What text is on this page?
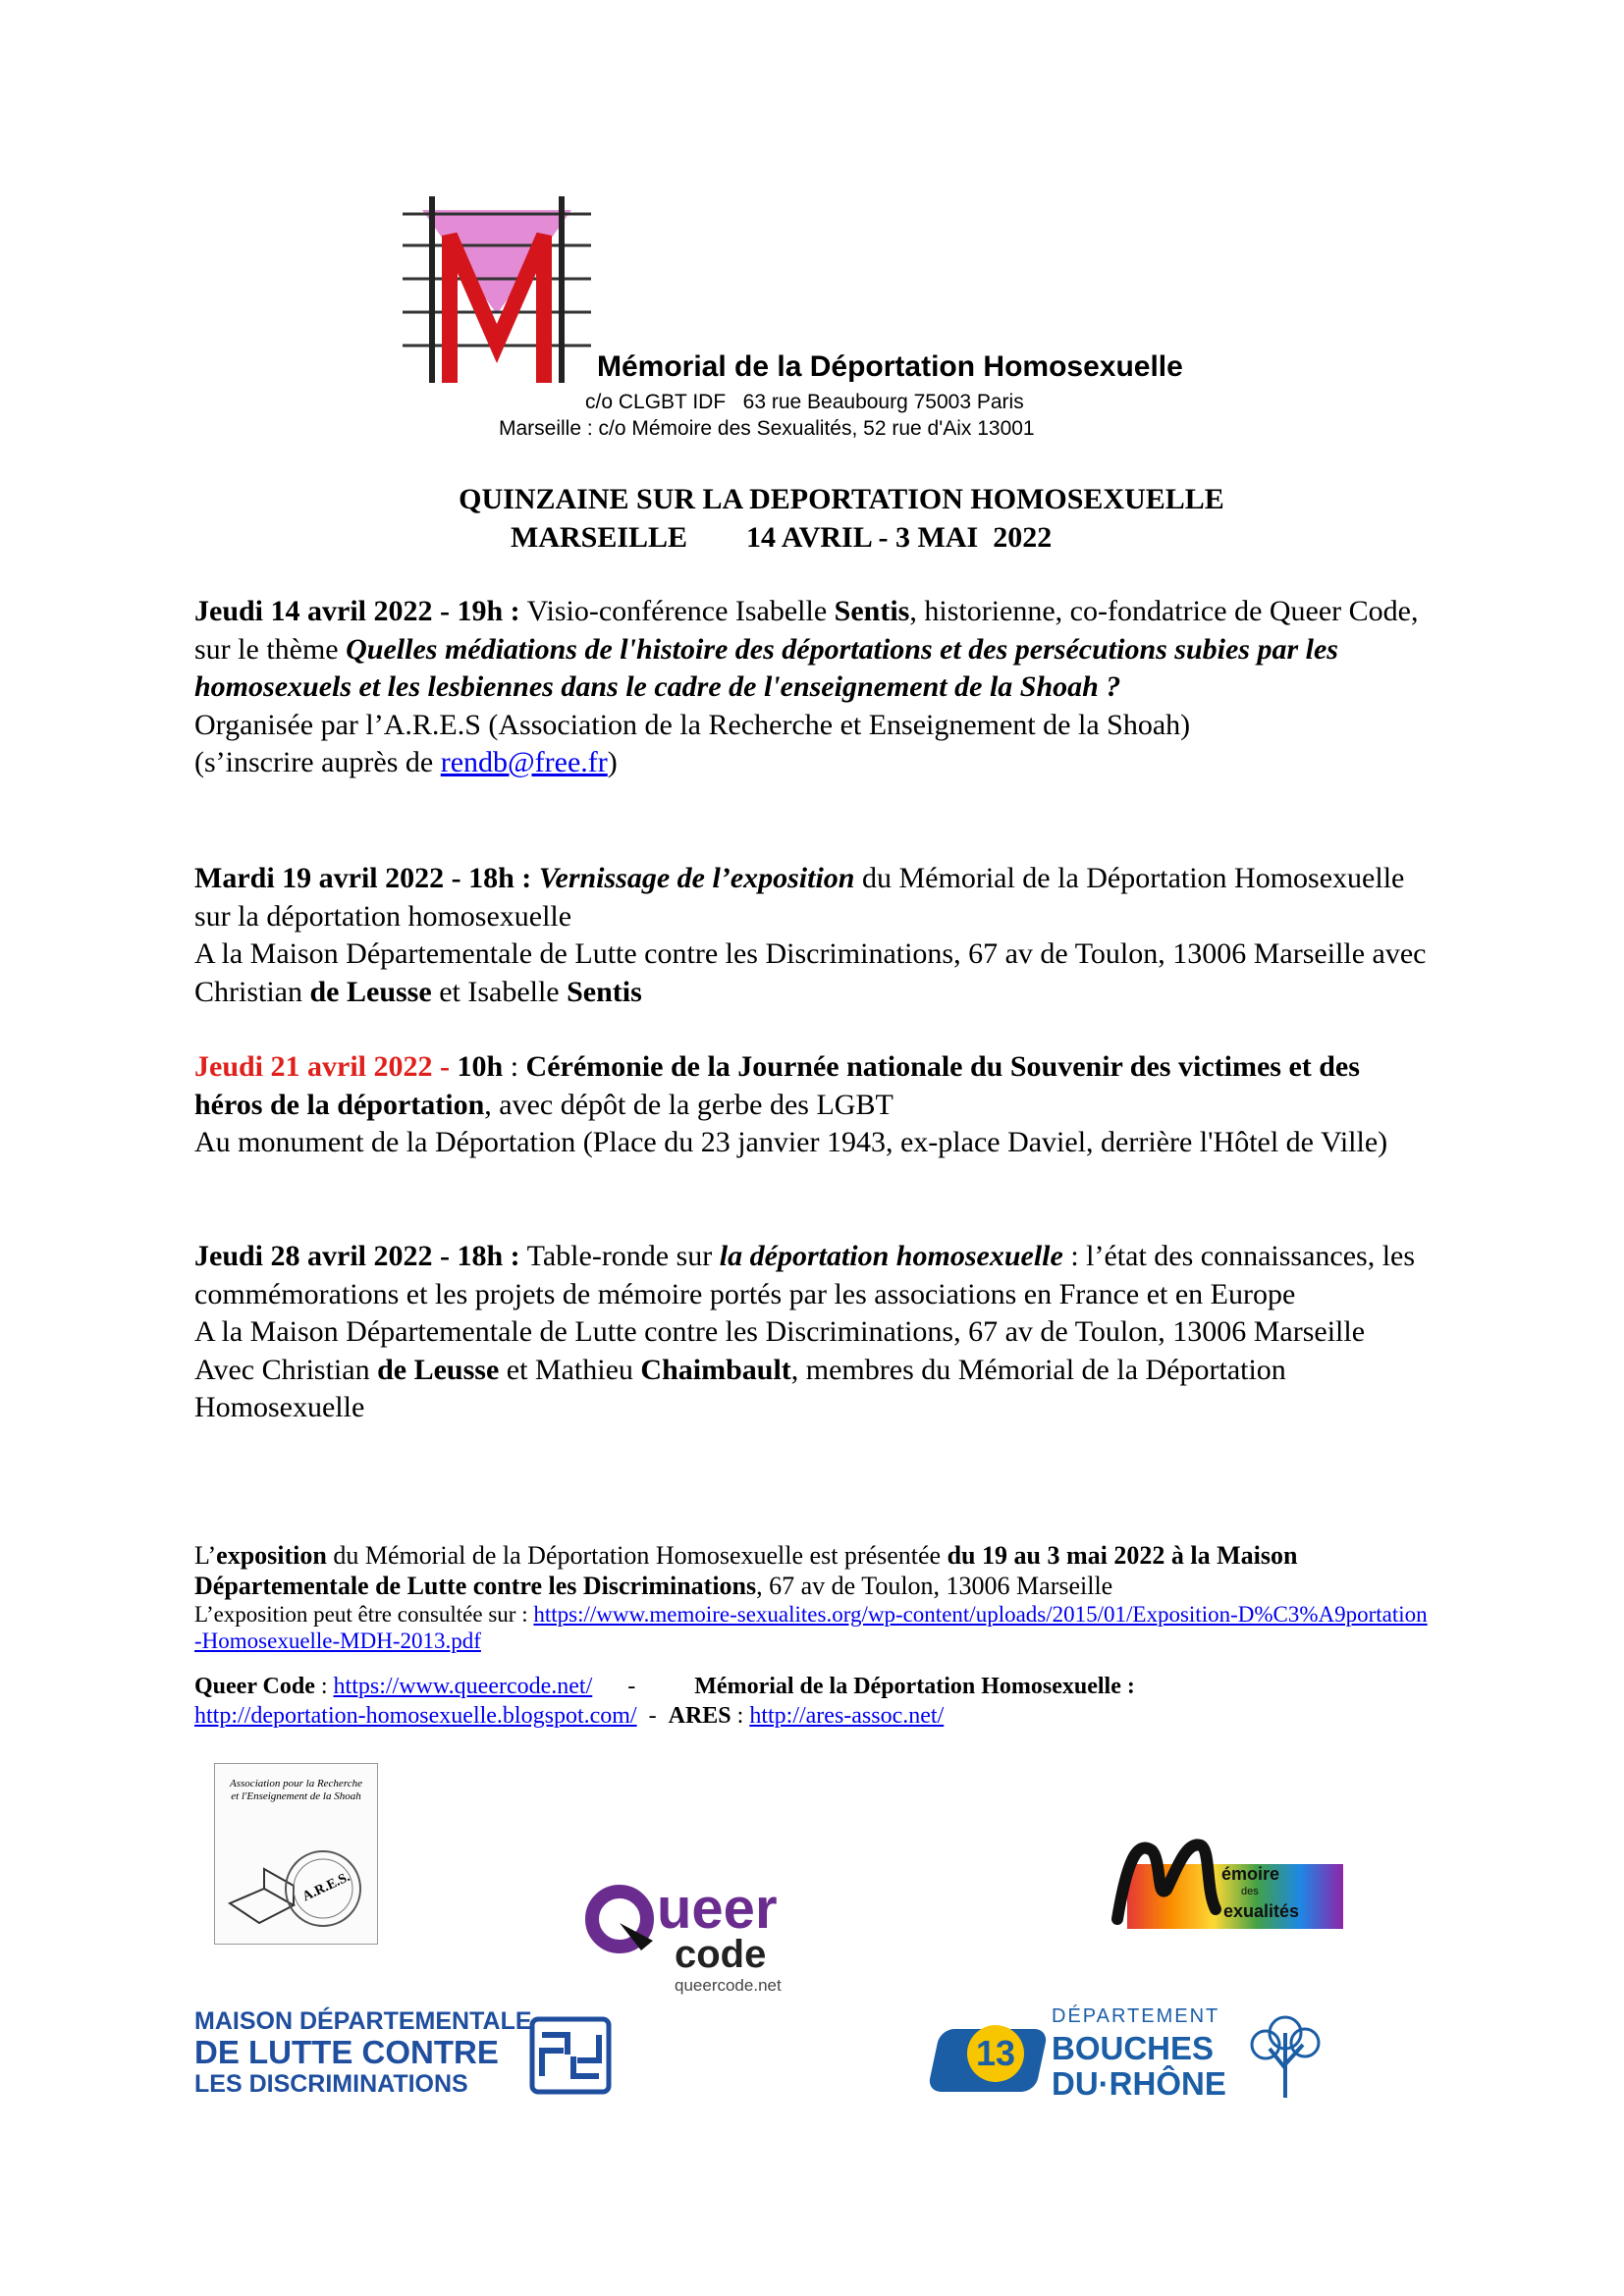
Mémorial de la Déportation Homosexuelle
c/o CLGBT IDF   63 rue Beaubourg 75003 Paris
Marseille : c/o Mémoire des Sexualités, 52 rue d'Aix 13001
QUINZAINE SUR LA DEPORTATION HOMOSEXUELLE
MARSEILLE 14 AVRIL - 3 MAI  2022

Jeudi 14 avril 2022 - 19h : Visio-conférence Isabelle Sentis, historienne, co-fondatrice de Queer Code, sur le thème Quelles médiations de l'histoire des déportations et des persécutions subies par les homosexuels et les lesbiennes dans le cadre de l'enseignement de la Shoah ?

Organisée par l’A.R.E.S (Association de la Recherche et Enseignement de la Shoah)

(s’inscrire auprès de rendb@free.fr)

Mardi 19 avril 2022 - 18h : Vernissage de l’exposition du Mémorial de la Déportation Homosexuelle sur la déportation homosexuelle

A la Maison Départementale de Lutte contre les Discriminations, 67 av de Toulon, 13006 Marseille avec Christian de Leusse et Isabelle Sentis

Jeudi 21 avril 2022 - 10h : Cérémonie de la Journée nationale du Souvenir des victimes et des héros de la déportation, avec dépôt de la gerbe des LGBT

Au monument de la Déportation (Place du 23 janvier 1943, ex-place Daviel, derrière l'Hôtel de Ville)

Jeudi 28 avril 2022 - 18h : Table-ronde sur la déportation homosexuelle : l’état des connaissances, les commémorations et les projets de mémoire portés par les associations en France et en Europe

A la Maison Départementale de Lutte contre les Discriminations, 67 av de Toulon, 13006 Marseille

Avec Christian de Leusse et Mathieu Chaimbault, membres du Mémorial de la Déportation Homosexuelle

L’exposition du Mémorial de la Déportation Homosexuelle est présentée du 19 au 3 mai 2022 à la Maison Départementale de Lutte contre les Discriminations, 67 av de Toulon, 13006 Marseille
L’exposition peut être consultée sur : https://www.memoire-sexualites.org/wp-content/uploads/2015/01/Exposition-D%C3%A9portation-Homosexuelle-MDH-2013.pdf
Queer Code : https://www.queercode.net/      -          Mémorial de la Déportation Homosexuelle :
http://deportation-homosexuelle.blogspot.com/  -  ARES : http://ares-assoc.net/
Association pour la Recherche
et l'Enseignement de la Shoah
A.R.E.S.	ueer
code
queercode.net
émoire
des
exualités
MAISON DÉPARTEMENTALE
DE LUTTE CONTRE
LES DISCRIMINATIONS
13
DÉPARTEMENT
BOUCHES
DU·RHÔNE
